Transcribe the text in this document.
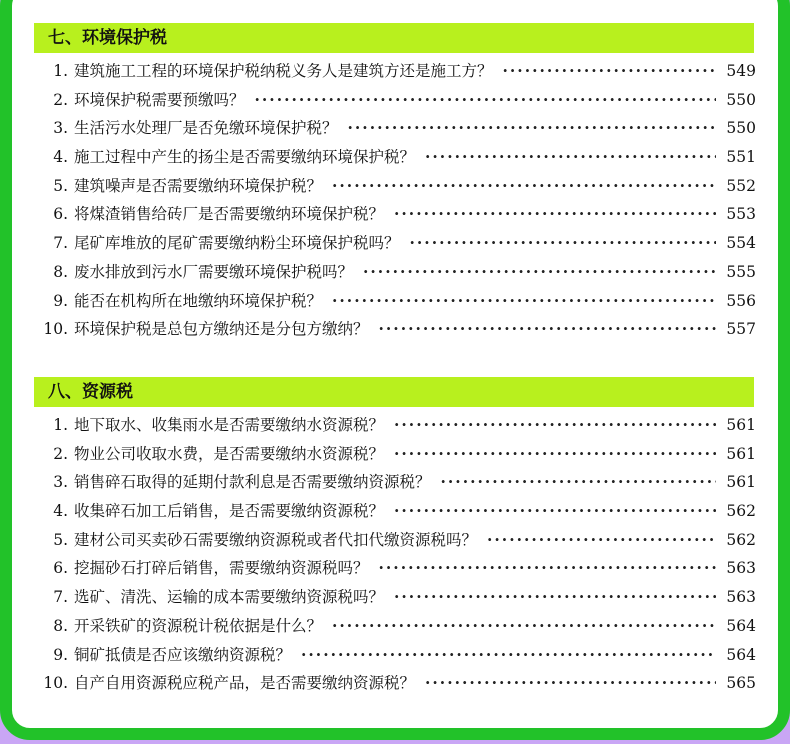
七、环境保护税
1. 建筑施工工程的环境保护税纳税义务人是建筑方还是施工方？ ·····	549
2. 环境保护税需要预缴吗？ ·····	550
3. 生活污水处理厂是否免缴环境保护税？ ·····	550
4. 施工过程中产生的扬尘是否需要缴纳环境保护税？ ·····	551
5. 建筑噪声是否需要缴纳环境保护税？ ·····	552
6. 将煤渣销售给砖厂是否需要缴纳环境保护税？ ·····	553
7. 尾矿库堆放的尾矿需要缴纳粉尘环境保护税吗？ ·····	554
8. 废水排放到污水厂需要缴环境保护税吗？ ·····	555
9. 能否在机构所在地缴纳环境保护税？ ·····	556
10. 环境保护税是总包方缴纳还是分包方缴纳？ ·····	557
八、资源税
1. 地下取水、收集雨水是否需要缴纳水资源税？ ·····	561
2. 物业公司收取水费，是否需要缴纳水资源税？ ·····	561
3. 销售碎石取得的延期付款利息是否需要缴纳资源税？ ·····	561
4. 收集碎石加工后销售，是否需要缴纳资源税？ ·····	562
5. 建材公司买卖砂石需要缴纳资源税或者代扣代缴资源税吗？ ·····	562
6. 挖掘砂石打碎后销售，需要缴纳资源税吗？ ·····	563
7. 选矿、清洗、运输的成本需要缴纳资源税吗？ ·····	563
8. 开采铁矿的资源税计税依据是什么？ ·····	564
9. 铜矿抵债是否应该缴纳资源税？ ·····	564
10. 自产自用资源税应税产品，是否需要缴纳资源税？ ·····	565
